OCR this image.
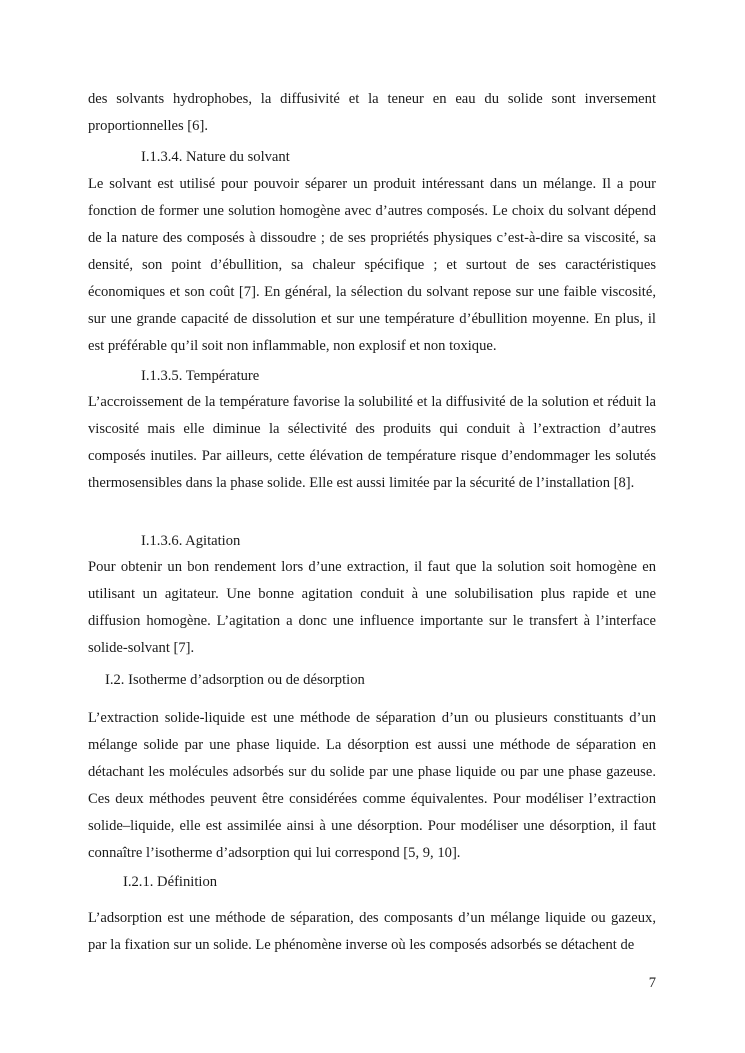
des solvants hydrophobes, la diffusivité et la teneur en eau du solide sont inversement proportionnelles [6].

I.1.3.4. Nature du solvant

Le solvant est utilisé pour pouvoir séparer un produit intéressant dans un mélange. Il a pour fonction de former une solution homogène avec d’autres composés. Le choix du solvant dépend de la nature des composés à dissoudre ; de ses propriétés physiques c’est-à-dire sa viscosité, sa densité, son point d’ébullition, sa chaleur spécifique ; et surtout de ses caractéristiques économiques et son coût [7]. En général, la sélection du solvant repose sur une faible viscosité, sur une grande capacité de dissolution et sur une température d’ébullition moyenne. En plus, il est préférable qu’il soit non inflammable, non explosif et non toxique.

I.1.3.5. Température

L’accroissement de la température favorise la solubilité et la diffusivité de la solution et réduit la viscosité mais elle diminue la sélectivité des produits qui conduit à l’extraction d’autres composés inutiles. Par ailleurs, cette élévation de température risque d’endommager les solutés thermosensibles dans la phase solide. Elle est aussi limitée par la sécurité de l’installation [8].

I.1.3.6. Agitation

Pour obtenir un bon rendement lors d’une extraction, il faut que la solution soit homogène en utilisant un agitateur. Une bonne agitation conduit à une solubilisation plus rapide et une diffusion homogène. L’agitation a donc une influence importante sur le transfert à l’interface solide-solvant [7].

I.2. Isotherme d’adsorption ou de désorption

L’extraction solide-liquide est une méthode de séparation d’un ou plusieurs constituants d’un mélange solide par une phase liquide. La désorption est aussi une méthode de séparation en détachant les molécules adsorbés sur du solide par une phase liquide ou par une phase gazeuse. Ces deux méthodes peuvent être considérées comme équivalentes. Pour modéliser l’extraction solide–liquide, elle est assimilée ainsi à une désorption. Pour modéliser une désorption, il faut connaître l’isotherme d’adsorption qui lui correspond [5, 9, 10].

I.2.1. Définition

L’adsorption est une méthode de séparation, des composants d’un mélange liquide ou gazeux, par la fixation sur un solide. Le phénomène inverse où les composés adsorbés se détachent de

7
